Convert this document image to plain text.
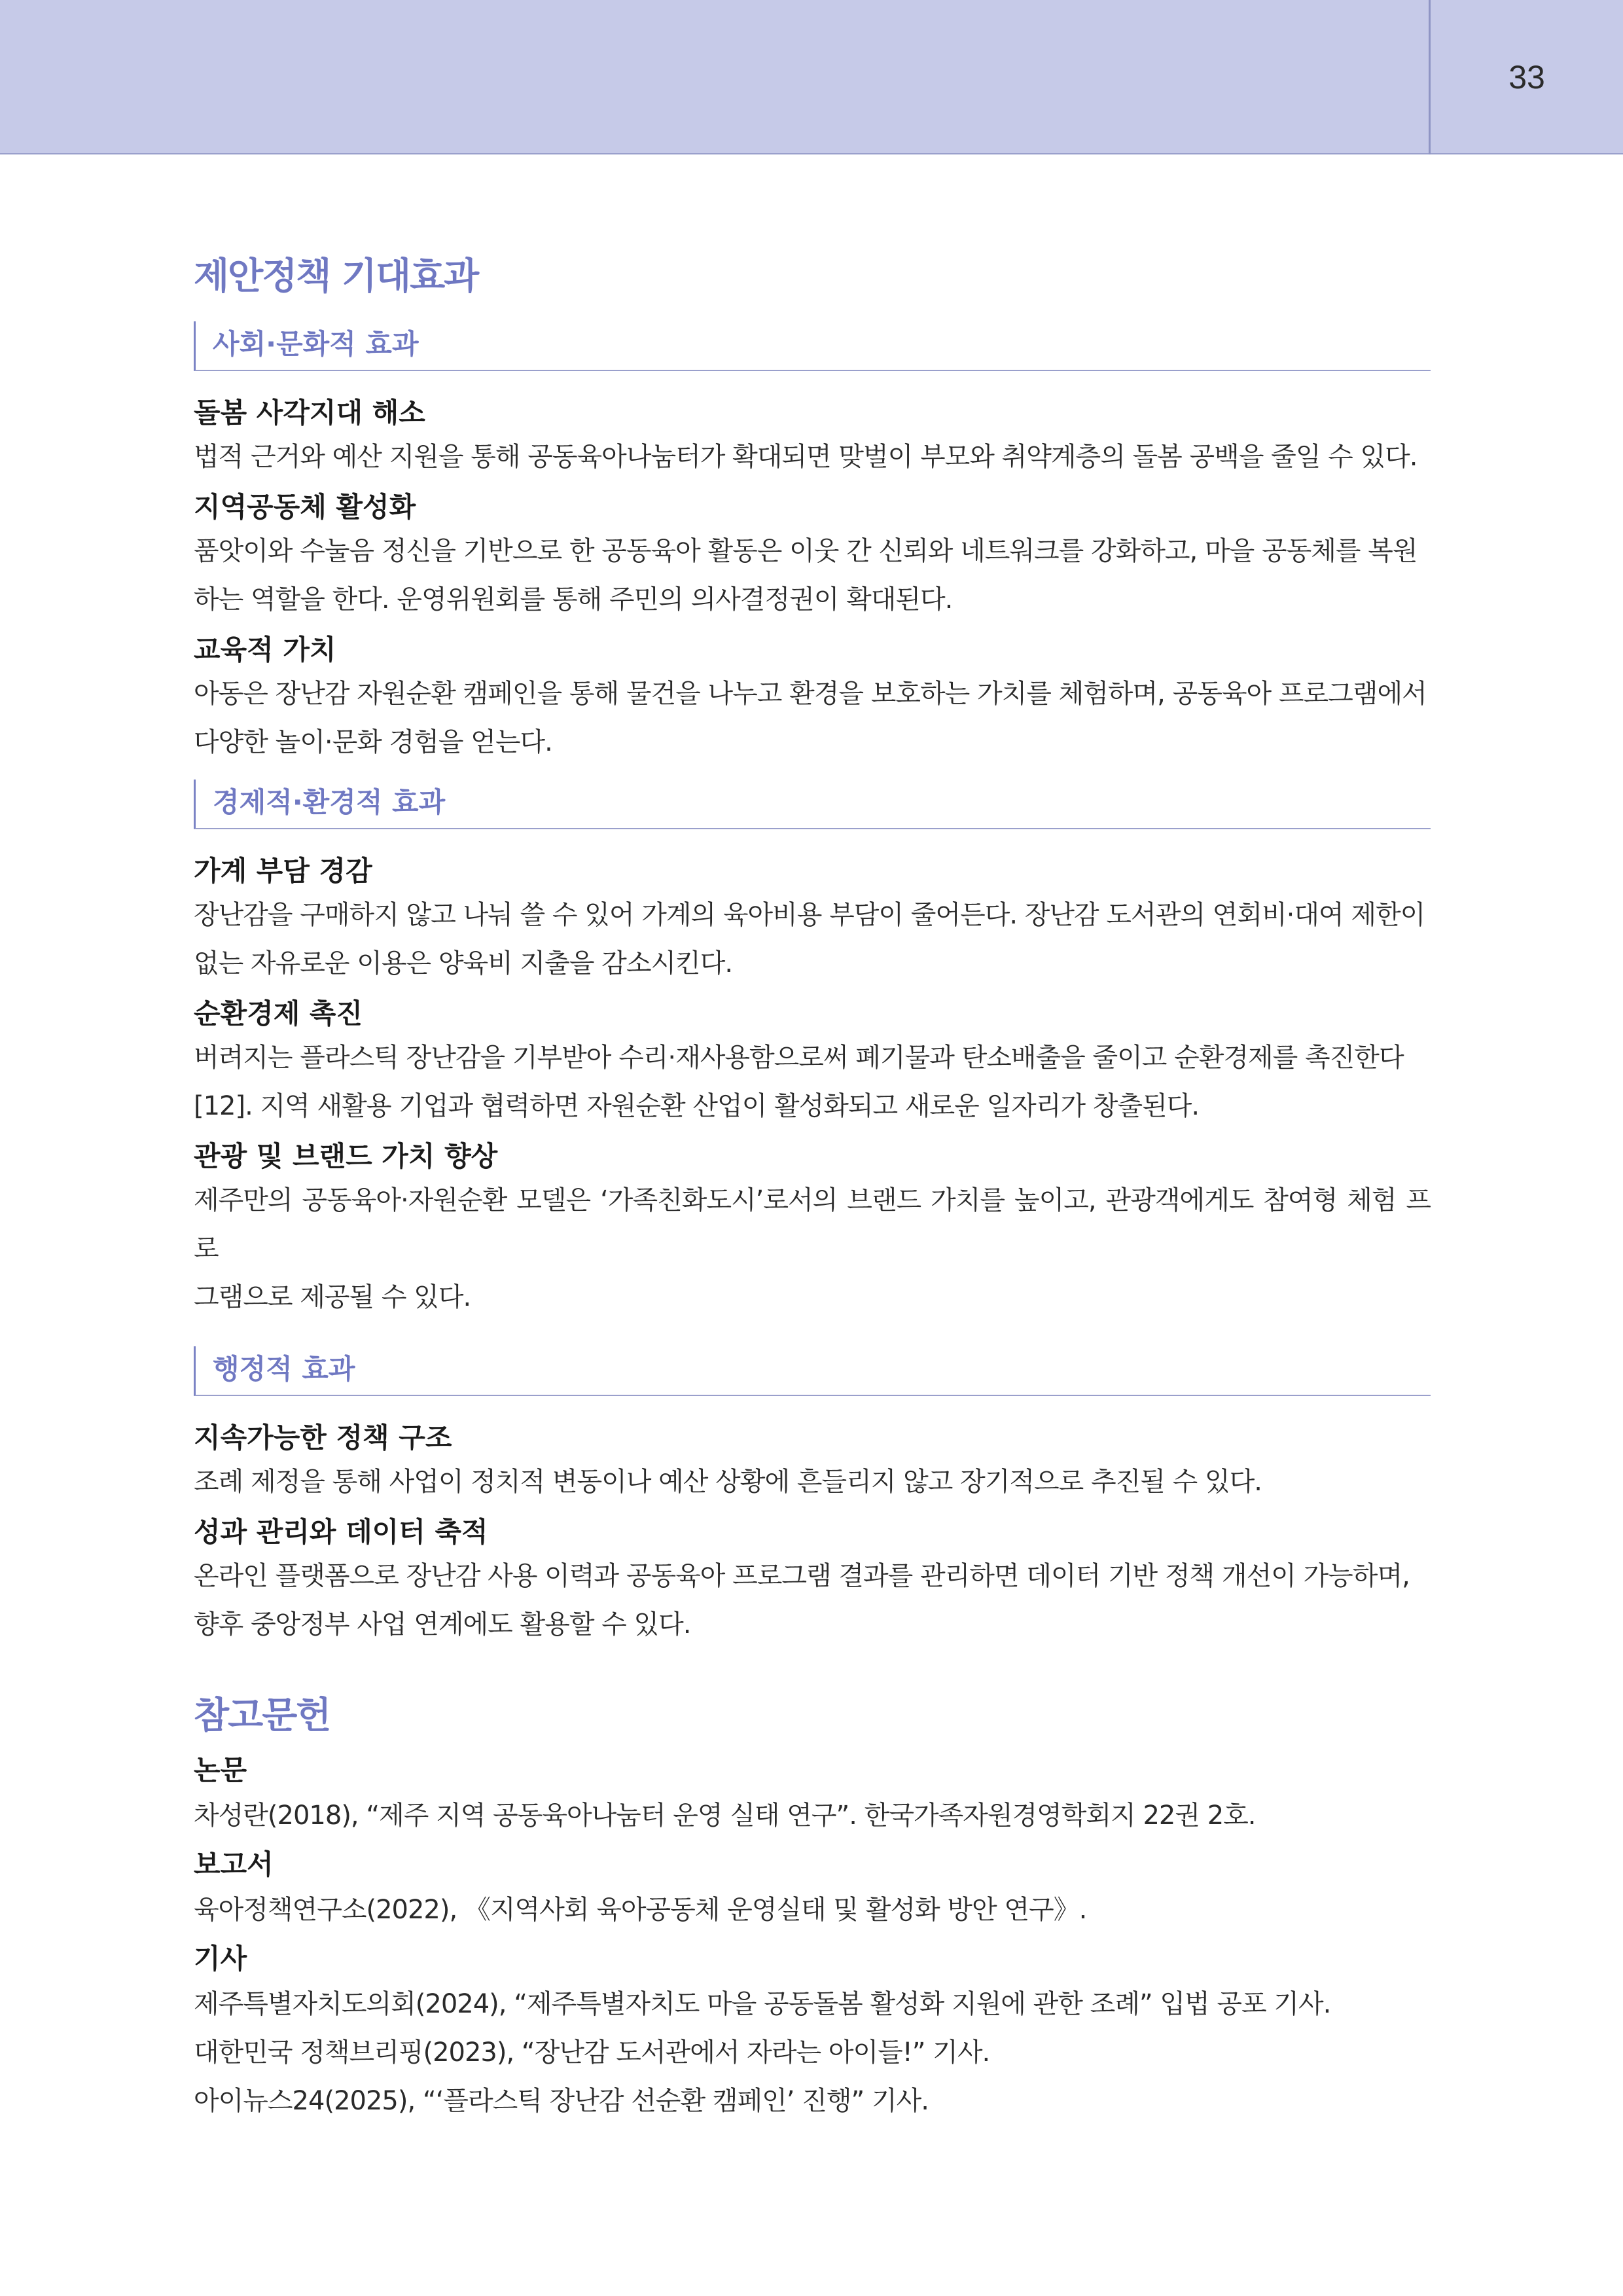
33
제안정책 기대효과
사회·문화적 효과
돌봄 사각지대 해소
법적 근거와 예산 지원을 통해 공동육아나눔터가 확대되면 맞벌이 부모와 취약계층의 돌봄 공백을 줄일 수 있다.
지역공동체 활성화
품앗이와 수눌음 정신을 기반으로 한 공동육아 활동은 이웃 간 신뢰와 네트워크를 강화하고, 마을 공동체를 복원
하는 역할을 한다. 운영위원회를 통해 주민의 의사결정권이 확대된다.
교육적 가치
아동은 장난감 자원순환 캠페인을 통해 물건을 나누고 환경을 보호하는 가치를 체험하며, 공동육아 프로그램에서
다양한 놀이·문화 경험을 얻는다.
경제적·환경적 효과
가계 부담 경감
장난감을 구매하지 않고 나눠 쓸 수 있어 가계의 육아비용 부담이 줄어든다. 장난감 도서관의 연회비·대여 제한이
없는 자유로운 이용은 양육비 지출을 감소시킨다.
순환경제 촉진
버려지는 플라스틱 장난감을 기부받아 수리·재사용함으로써 폐기물과 탄소배출을 줄이고 순환경제를 촉진한다
[12]. 지역 새활용 기업과 협력하면 자원순환 산업이 활성화되고 새로운 일자리가 창출된다.
관광 및 브랜드 가치 향상
제주만의 공동육아·자원순환 모델은 ‘가족친화도시’로서의 브랜드 가치를 높이고, 관광객에게도 참여형 체험 프로
그램으로 제공될 수 있다.
행정적 효과
지속가능한 정책 구조
조례 제정을 통해 사업이 정치적 변동이나 예산 상황에 흔들리지 않고 장기적으로 추진될 수 있다.
성과 관리와 데이터 축적
온라인 플랫폼으로 장난감 사용 이력과 공동육아 프로그램 결과를 관리하면 데이터 기반 정책 개선이 가능하며,
향후 중앙정부 사업 연계에도 활용할 수 있다.
참고문헌
논문
차성란(2018), “제주 지역 공동육아나눔터 운영 실태 연구”. 한국가족자원경영학회지 22권 2호.
보고서
육아정책연구소(2022), 《지역사회 육아공동체 운영실태 및 활성화 방안 연구》.
기사
제주특별자치도의회(2024), “제주특별자치도 마을 공동돌봄 활성화 지원에 관한 조례” 입법 공포 기사.
대한민국 정책브리핑(2023), “장난감 도서관에서 자라는 아이들!” 기사.
아이뉴스24(2025), “‘플라스틱 장난감 선순환 캠페인’ 진행” 기사.
